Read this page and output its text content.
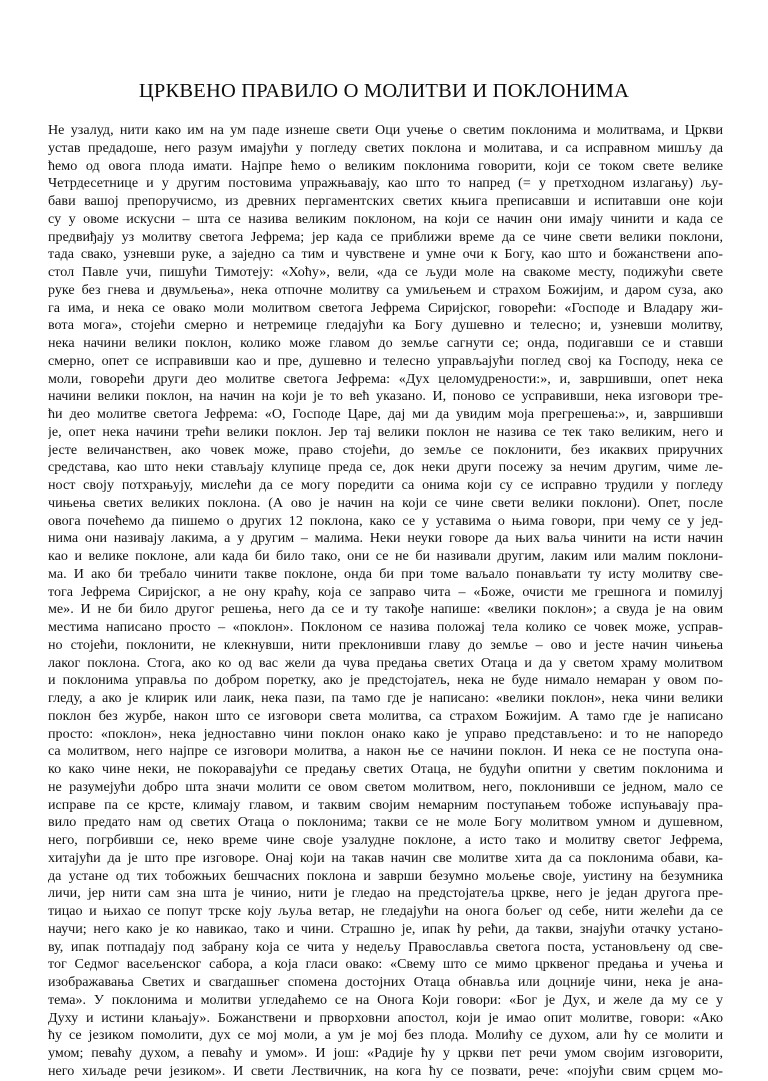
ЦРКВЕНО ПРАВИЛО О МОЛИТВИ И ПОКЛОНИМА
Не узалуд, нити како им на ум паде изнеше свети Оци учење о светим поклонима и молитвама, и Цркви
устав предадоше, него разум имајући у погледу светих поклона и молитава, и са исправном мишљу да
ћемо од овога плода имати. Најпре ћемо о великим поклонима говорити, који се током свете велике
Четрдесетнице и у другим постовима упражњавају, као што то напред (= у претходном излагању) љу-
бави вашој препоручисмо, из древних пергаментских светих књига преписавши и испитавши оне који
су у овоме искусни – шта се назива великим поклоном, на који се начин они имају чинити и када се
предвиђају уз молитву светога Јефрема; јер када се приближи време да се чине свети велики поклони,
тада свако, узневши руке, а заједно са тим и чувствене и умне очи к Богу, као што и божанствени апо-
стол Павле учи, пишући Тимотеју: «Хоћу», вели, «да се људи моле на свакоме месту, подижући свете
руке без гнева и двумљења», нека отпочне молитву са умиљењем и страхом Божијим, и даром суза, ако
га има, и нека се овако моли молитвом светога Јефрема Сиријског, говорећи: «Господе и Владару жи-
вота мога», стојећи смерно и нетремице гледајући ка Богу душевно и телесно; и, узневши молитву,
нека начини велики поклон, колико може главом до земље сагнути се; онда, подигавши се и ставши
смерно, опет се исправивши као и пре, душевно и телесно управљајући поглед свој ка Господу, нека се
моли, говорећи други део молитве светога Јефрема: «Дух целомудрености:», и, завршивши, опет нека
начини велики поклон, на начин на који је то већ указано. И, поново се усправивши, нека изговори тре-
ћи део молитве светога Јефрема: «О, Господе Царе, дај ми да увидим моја прегрешења:», и, завршивши
је, опет нека начини трећи велики поклон. Јер тај велики поклон не назива се тек тако великим, него и
јесте величанствен, ако човек може, право стојећи, до земље се поклонити, без икаквих приручних
средстава, као што неки стављају клупице преда се, док неки други посежу за нечим другим, чиме ле-
ност своју потхрањују, мислећи да се могу поредити са онима који су се исправно трудили у погледу
чињења светих великих поклона. (А ово је начин на који се чине свети велики поклони). Опет, после
овога почећемо да пишемо о других 12 поклона, како се у уставима о њима говори, при чему се у јед-
нима они називају лакима, а у другим – малима. Неки неуки говоре да њих ваља чинити на исти начин
као и велике поклоне, али када би било тако, они се не би називали другим, лаким или малим поклони-
ма. И ако би требало чинити такве поклоне, онда би при томе ваљало понављати ту исту молитву све-
тога Јефрема Сиријског, а не ону краћу, која се заправо чита – «Боже, очисти ме грешнога и помилуј
ме». И не би било другог решења, него да се и ту такође напише: «велики поклон»; а свуда је на овим
местима написано просто – «поклон». Поклоном се назива положај тела колико се човек може, усправ-
но стојећи, поклонити, не клекнувши, нити преклонивши главу до земље – ово и јесте начин чињења
лаког поклона. Стога, ако ко од вас жели да чува предања светих Отаца и да у светом храму молитвом
и поклонима управља по добром поретку, ако је предстојатељ, нека не буде нимало немаран у овом по-
гледу, а ако је клирик или лаик, нека пази, па тамо где је написано: «велики поклон», нека чини велики
поклон без журбе, након што се изговори света молитва, са страхом Божијим. А тамо где је написано
просто: «поклон», нека једноставно чини поклон онако како је управо представљено: и то не напоредо
са молитвом, него најпре се изговори молитва, а након ње се начини поклон. И нека се не поступа она-
ко како чине неки, не покоравајући се предању светих Отаца, не будући опитни у светим поклонима и
не разумејући добро шта значи молити се овом светом молитвом, него, поклонивши се једном, мало се
исправе па се крсте, климају главом, и таквим својим немарним поступањем тобоже испуњавају пра-
вило предато нам од светих Отаца о поклонима; такви се не моле Богу молитвом умном и душевном,
него, погрбивши се, неко време чине своје узалудне поклоне, а исто тако и молитву светог Јефрема,
хитајући да је што пре изговоре. Онај који на такав начин све молитве хита да са поклонима обави, ка-
да устане од тих тобожњих бешчасних поклона и заврши безумно мољење своје, уистину на безумника
личи, јер нити сам зна шта је чинио, нити је гледао на предстојатеља цркве, него је један другога пре-
тицао и њихао се попут трске коју љуља ветар, не гледајући на онога бољег од себе, нити желећи да се
научи; него како је ко навикао, тако и чини. Страшно је, ипак ћу рећи, да такви, знајући отачку устано-
ву, ипак потпадају под забрану која се чита у недељу Православља светога поста, установљену од све-
тог Седмог васељенског сабора, а која гласи овако: «Свему што се мимо црквеног предања и учења и
изображавања Светих и свагдашњег спомена достојних Отаца обнавља или доцније чини, нека је ана-
тема». У поклонима и молитви угледаћемо се на Онога Који говори: «Бог је Дух, и желе да му се у
Духу и истини клањају». Божанствени и прворховни апостол, који је имао опит молитве, говори: «Ако
ћу се језиком помолити, дух се мој моли, а ум је мој без плода. Молићу се духом, али ћу се молити и
умом; певаћу духом, а певаћу и умом». И још: «Радије ћу у цркви пет речи умом својим изговорити,
него хиљаде речи језиком». И свети Лествичник, на кога ћу се позвати, рече: «појући свим срцем мо-
